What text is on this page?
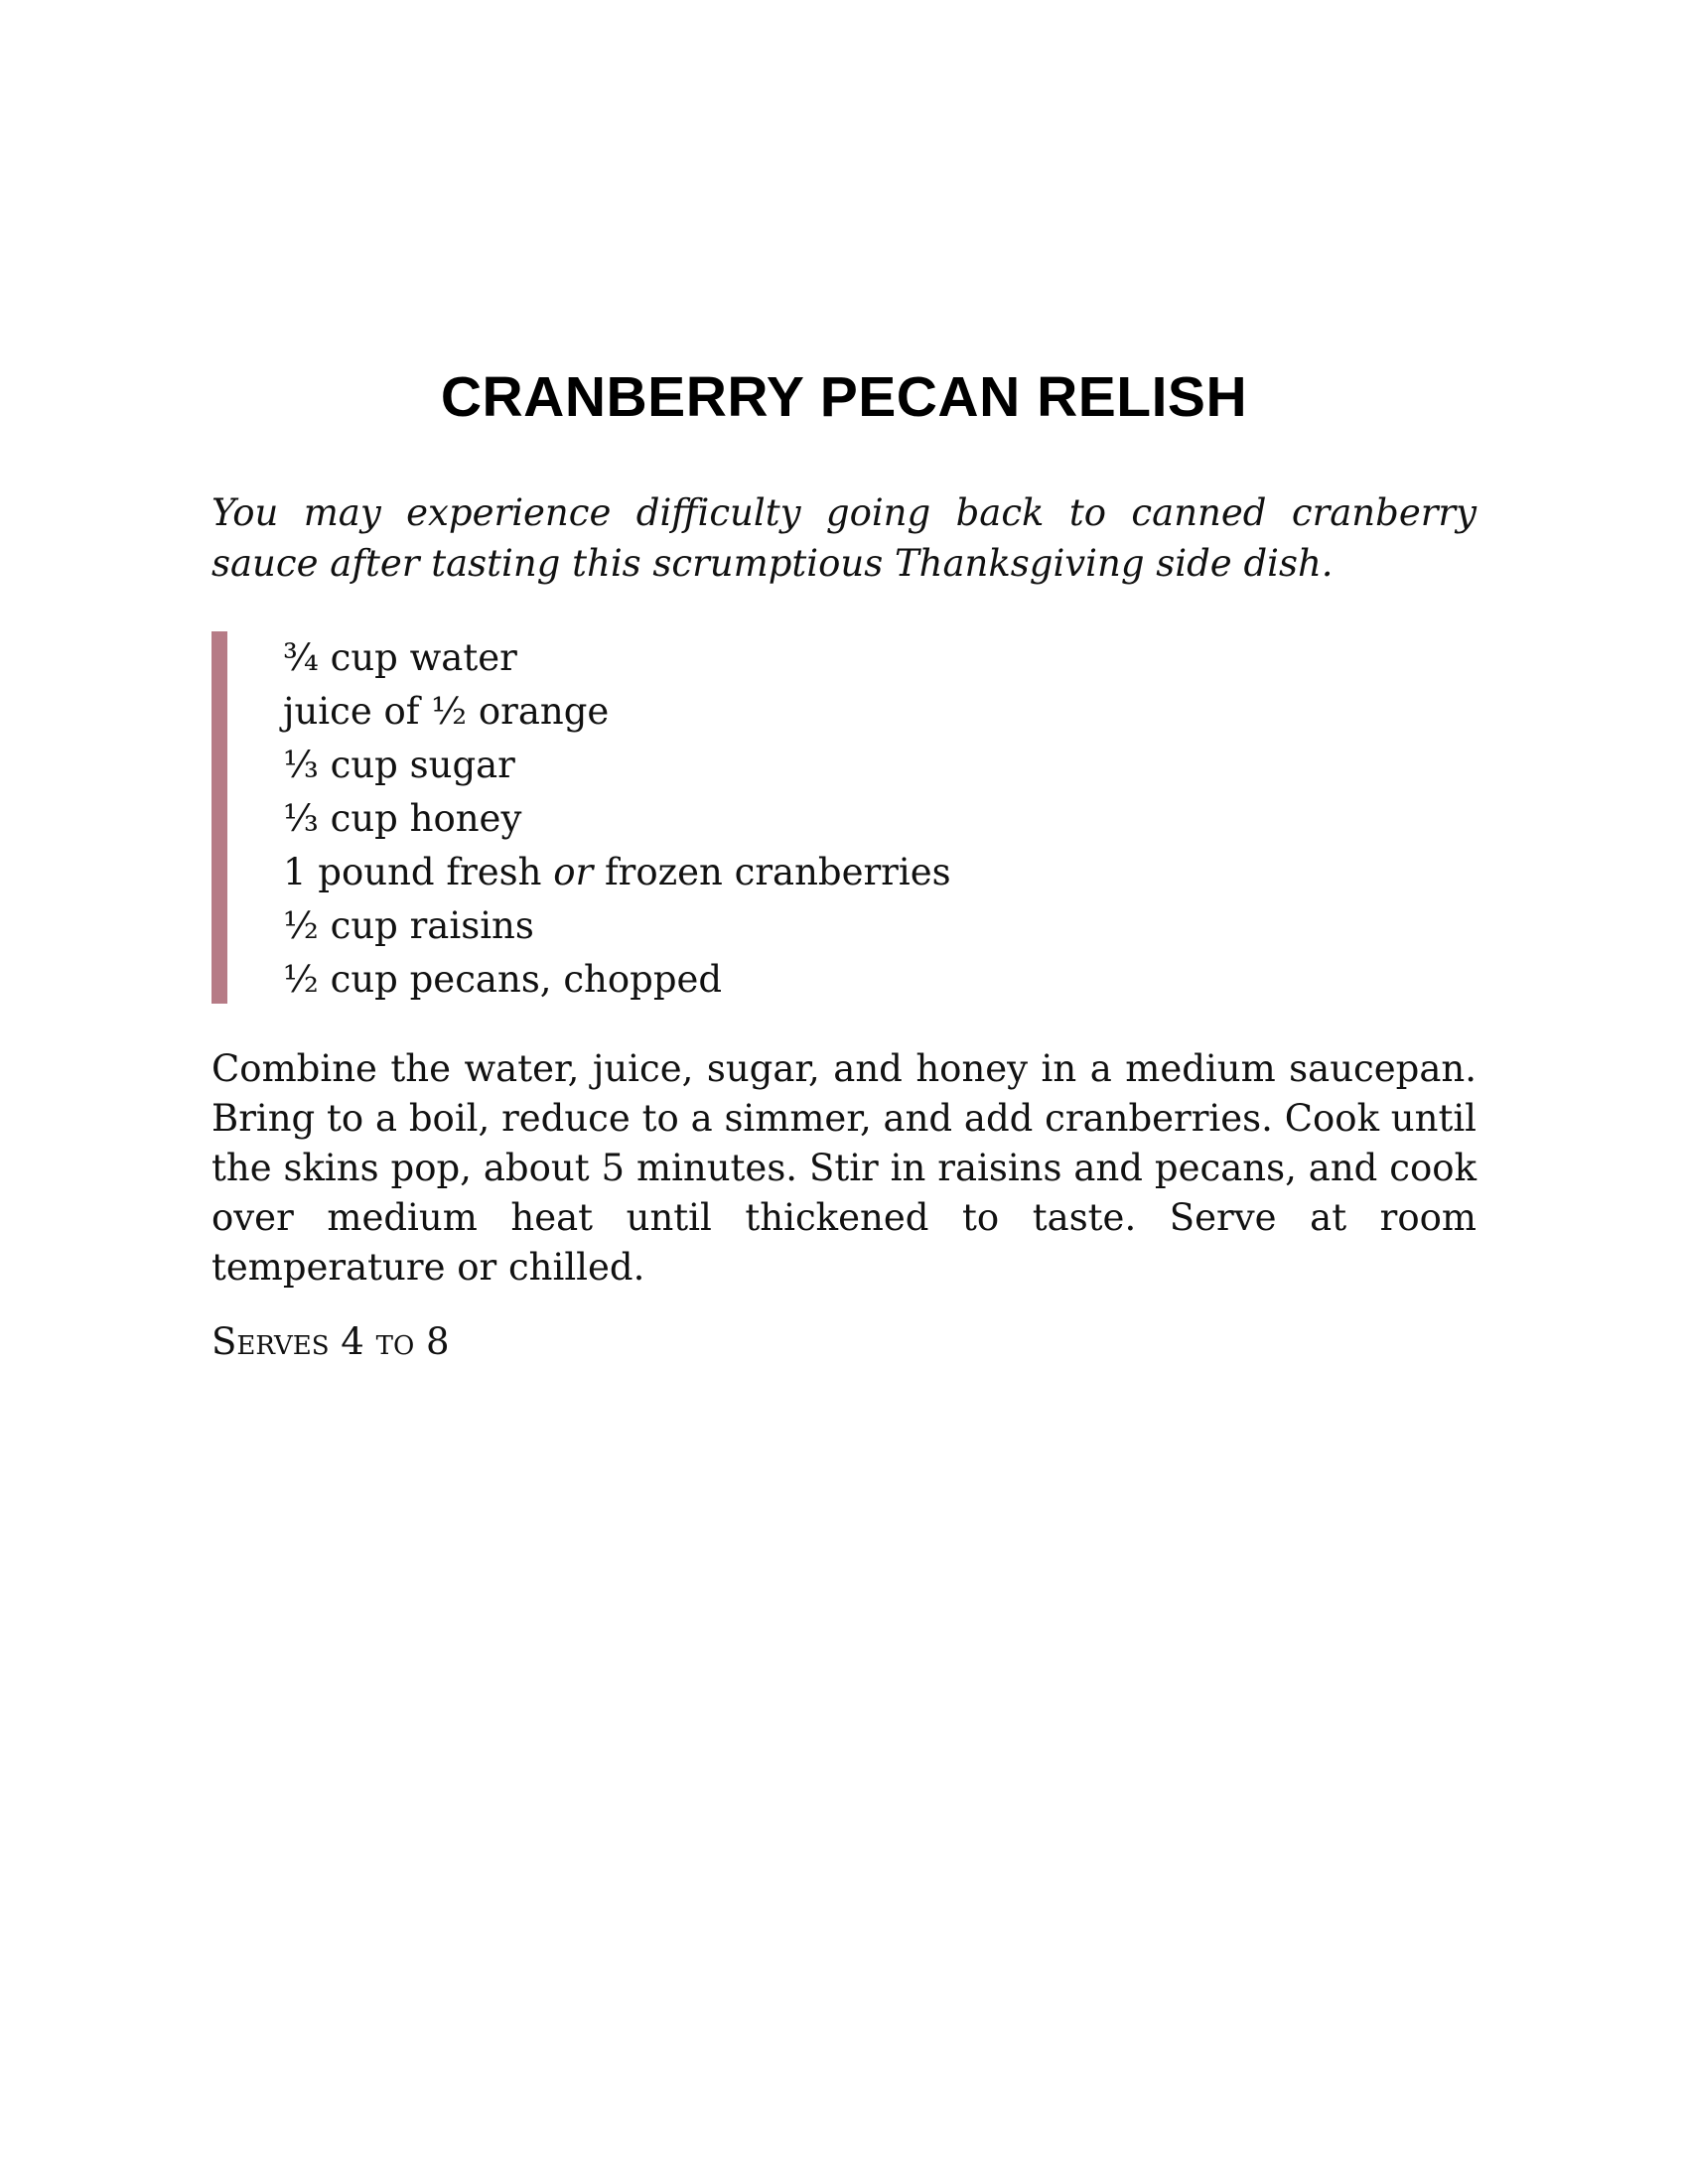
CRANBERRY PECAN RELISH

You may experience difficulty going back to canned cranberry sauce after tasting this scrumptious Thanksgiving side dish.

¾ cup water
juice of ½ orange
⅓ cup sugar
⅓ cup honey
1 pound fresh or frozen cranberries
½ cup raisins
½ cup pecans, chopped

Combine the water, juice, sugar, and honey in a medium saucepan. Bring to a boil, reduce to a simmer, and add cranberries. Cook until the skins pop, about 5 minutes. Stir in raisins and pecans, and cook over medium heat until thickened to taste. Serve at room temperature or chilled.

Serves 4 to 8
